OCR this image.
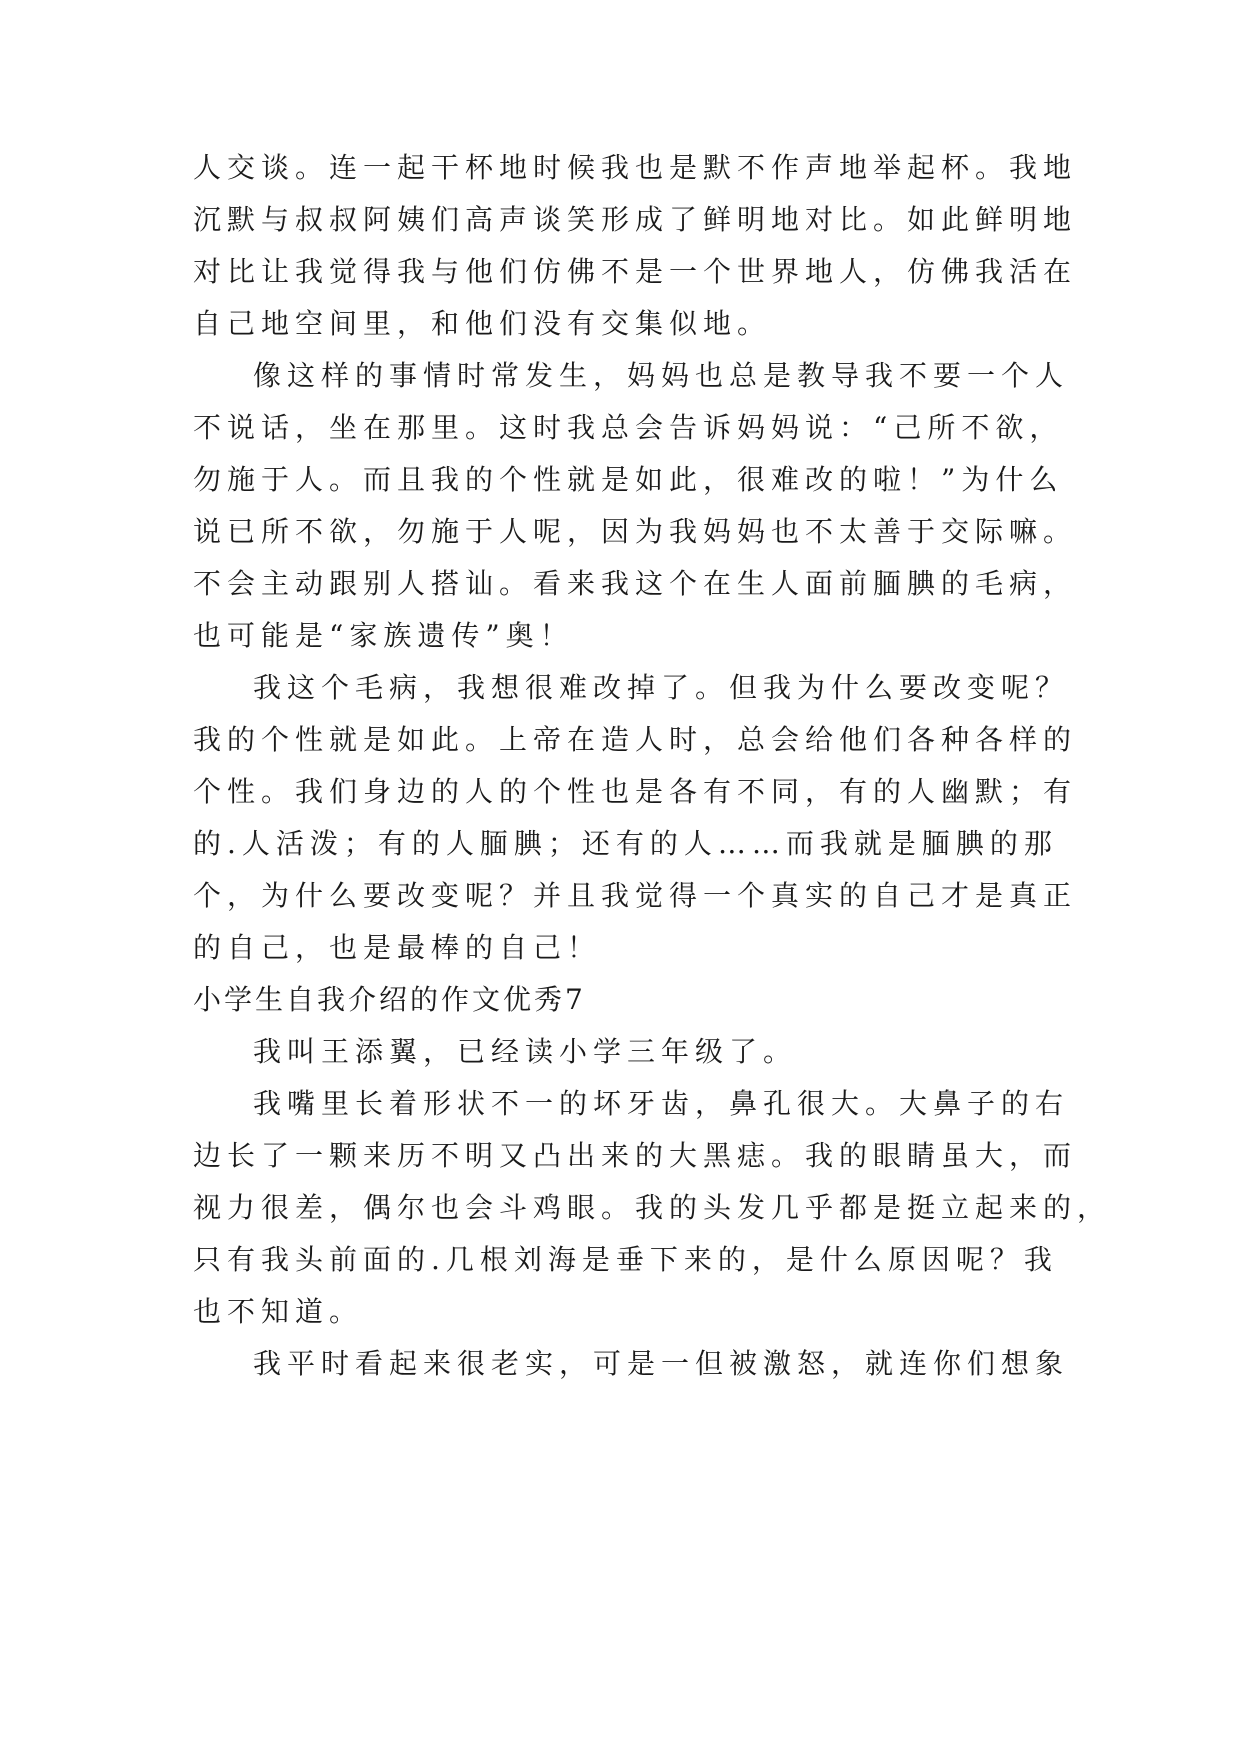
人交谈。连一起干杯地时候我也是默不作声地举起杯。我地
沉默与叔叔阿姨们高声谈笑形成了鲜明地对比。如此鲜明地
对比让我觉得我与他们仿佛不是一个世界地人，仿佛我活在
自己地空间里，和他们没有交集似地。
像这样的事情时常发生，妈妈也总是教导我不要一个人
不说话，坐在那里。这时我总会告诉妈妈说：“己所不欲，
勿施于人。而且我的个性就是如此，很难改的啦！”为什么
说已所不欲，勿施于人呢，因为我妈妈也不太善于交际嘛。
不会主动跟别人搭讪。看来我这个在生人面前腼腆的毛病，
也可能是“家族遗传”奥！
我这个毛病，我想很难改掉了。但我为什么要改变呢？
我的个性就是如此。上帝在造人时，总会给他们各种各样的
个性。我们身边的人的个性也是各有不同，有的人幽默；有
的.人活泼；有的人腼腆；还有的人……而我就是腼腆的那
个，为什么要改变呢？并且我觉得一个真实的自己才是真正
的自己，也是最棒的自己！
小学生自我介绍的作文优秀7
我叫王添翼，已经读小学三年级了。
我嘴里长着形状不一的坏牙齿，鼻孔很大。大鼻子的右
边长了一颗来历不明又凸出来的大黑痣。我的眼睛虽大，而
视力很差，偶尔也会斗鸡眼。我的头发几乎都是挺立起来的，
只有我头前面的.几根刘海是垂下来的，是什么原因呢？我
也不知道。
我平时看起来很老实，可是一但被激怒，就连你们想象
